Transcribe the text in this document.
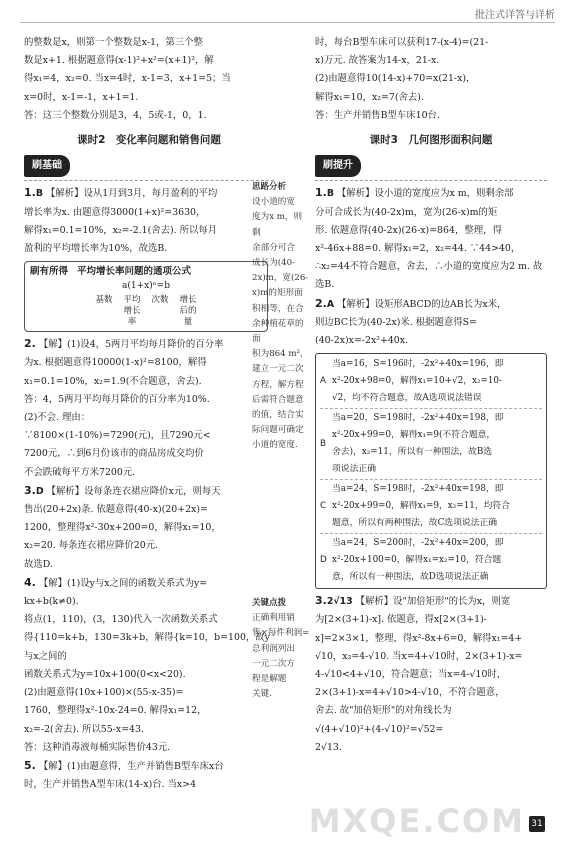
批注式详答与详析
的整数是x，则第一个整数是x-1，第三个整
数是x+1. 根据题意得(x-1)²+x²=(x+1)²，解
得x₁=4，x₂=0. 当x=4时，x-1=3，x+1=5；当
x=0时，x-1=-1，x+1=1.
答：这三个整数分别是3，4，5或-1，0，1.
课时2　变化率问题和销售问题
刷基础
1.B 【解析】设从1月到3月，每月盈利的平均
增长率为x. 由题意得3000(1+x)²=3630，
解得x₁=0.1=10%，x₂=-2.1(舍去). 所以每月
盈利的平均增长率为10%，故选B.
刷有所得　 平均增长率问题的通项公式
a(1+x)ⁿ=b
基数 平均增长率
次数 增长后的量
2. 【解】(1)设4，5两月平均每月降价的百分率
为x. 根据题意得10000(1-x)²=8100，解得
x₁=0.1=10%，x₂=1.9(不合题意，舍去).
答：4，5两月平均每月降价的百分率为10%.
(2)不会. 理由：
∵8100×(1-10%)=7290(元)，且7290元<
7200元，∴到6月份该市的商品房成交均价
不会跌破每平方米7200元.
3.D 【解析】设每条连衣裙应降价x元，则每天
售出(20+2x)条. 依题意得(40-x)(20+2x)=
1200，整理得x²-30x+200=0，解得x₁=10，
x₂=20. 每条连衣裙应降价20元.
故选D.
4. 【解】(1)设y与x之间的函数关系式为y=
kx+b(k≠0).
将点(1，110)，(3，130)代入一次函数关系式
得{110=k+b，130=3k+b，解得{k=10，b=100，故y与x之间的
函数关系式为y=10x+100(0<x<20).
(2)由题意得(10x+100)×(55-x-35)=
1760，整理得x²-10x-24=0. 解得x₁=12，
x₂=-2(舍去). 所以55-x=43.
答：这种消毒液每桶实际售价43元.
5. 【解】(1)由题意得，生产并销售B型车床x台
时，生产并销售A型车床(14-x)台. 当x>4
思路分析
设小道的宽
度为x m，则剩
余部分可合
成长为(40-
2x)m，宽(26-
x)m的矩形面
积相等，在合
余种植花草的面
积为864 m²，
建立一元二次
方程，解方程
后需符合题意
的值，结合实
际问题可确定
小道的宽度.
关键点拨
正确利用销
售×每件利润=
总利润列出
一元二次方
程是解题
关键.
时，每台B型车床可以获利17-(x-4)=(21-
x)万元. 故答案为14-x，21-x.
(2)由题意得10(14-x)+70=x(21-x)，
解得x₁=10，x₂=7(舍去).
答：生产并销售B型车床10台.
课时3　几何图形面积问题
刷提升
1.B 【解析】设小道的宽度应为x m，则剩余部
分可合成长为(40-2x)m，宽为(26-x)m的矩
形. 依题意得(40-2x)(26-x)=864，整理，得
x²-46x+88=0. 解得x₁=2，x₂=44. ∵44>40，
∴x₂=44不符合题意，舍去，∴小道的宽度应为2 m. 故
选B.
2.A 【解析】设矩形ABCD的边AB长为x米，
则边BC长为(40-2x)米. 根据题意得S=
(40-2x)x=-2x²+40x.
A
当a=16，S=196时，-2x²+40x=196，即
x²-20x+98=0，解得x₁=10+√2，x₂=10-
√2，均不符合题意，故A选项说法错误
B
当a=20，S=198时，-2x²+40x=198，即
x²-20x+99=0，解得x₁=9(不符合题意，
舍去)，x₂=11，所以有一种围法，故B选
项说法正确
C
当a=24，S=198时，-2x²+40x=198，即
x²-20x+99=0，解得x₁=9，x₂=11，均符合
题意，所以有两种围法，故C选项说法正确
D
当a=24，S=200时，-2x²+40x=200，即
x²-20x+100=0，解得x₁=x₂=10，符合题
意，所以有一种围法，故D选项说法正确
3.2√13 【解析】设"加倍矩形"的长为x，则宽
为[2×(3+1)-x]. 依题意，得x[2×(3+1)-
x]=2×3×1，整理，得x²-8x+6=0，解得x₁=4+
√10，x₂=4-√10. 当x=4+√10时，2×(3+1)-x=
4-√10<4+√10，符合题意；当x=4-√10时，
2×(3+1)-x=4+√10>4-√10，不符合题意，
舍去. 故"加倍矩形"的对角线长为
√(4+√10)²+(4-√10)²=√52=
2√13.
MXQE.COM 31
